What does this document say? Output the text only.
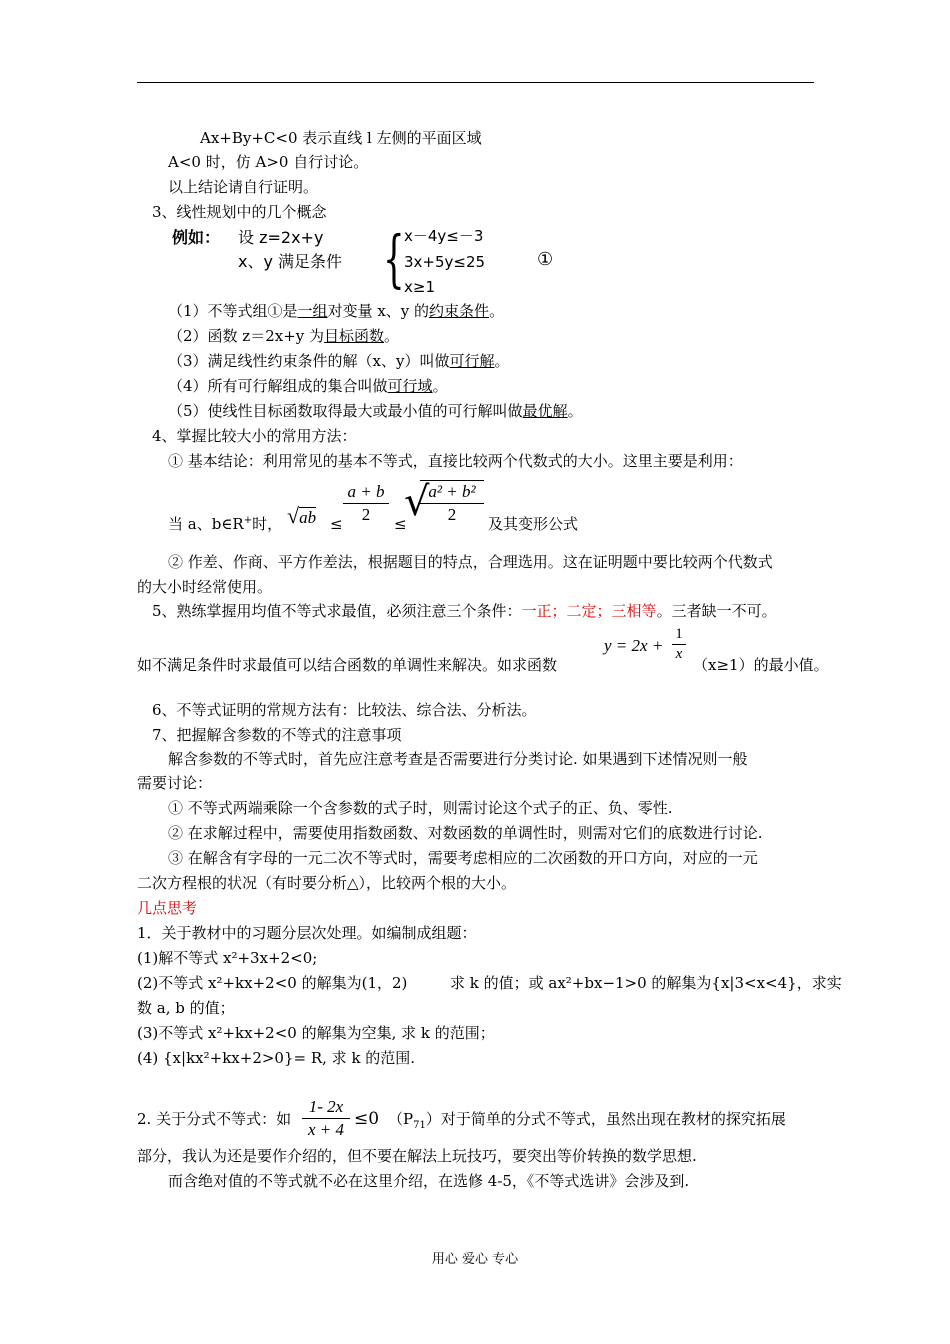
Ax+By+C<0 表示直线 l 左侧的平面区域
A<0 时，仿 A>0 自行讨论。
以上结论请自行证明。
3、线性规划中的几个概念
例如： 设 z=2x+y
x、y 满足条件 { x－4y≤－3
3x+5y≤25
x≥1
①
（1）不等式组①是一组对变量 x、y 的约束条件。
（2）函数 z＝2x+y 为目标函数。
（3）满足线性约束条件的解（x、y）叫做可行解。
（4）所有可行解组成的集合叫做可行域。
（5）使线性目标函数取得最大或最小值的可行解叫做最优解。
4、掌握比较大小的常用方法：
① 基本结论：利用常见的基本不等式，直接比较两个代数式的大小。这里主要是利用：
当 a、b∈R+时， √ab ≤
a + b
2	≤
√
a² + b²
2	及其变形公式
② 作差、作商、平方作差法，根据题目的特点，合理选用。这在证明题中要比较两个代数式
的大小时经常使用。
5、熟练掌握用均值不等式求最值，必须注意三个条件：一正；二定；三相等。三者缺一不可。
y = 2x +
1
x
如不满足条件时求最值可以结合函数的单调性来解决。如求函数	（x≥1）的最小值。
6、不等式证明的常规方法有：比较法、综合法、分析法。
7、把握解含参数的不等式的注意事项
解含参数的不等式时，首先应注意考查是否需要进行分类讨论. 如果遇到下述情况则一般
需要讨论：
① 不等式两端乘除一个含参数的式子时，则需讨论这个式子的正、负、零性.
② 在求解过程中，需要使用指数函数、对数函数的单调性时，则需对它们的底数进行讨论.
③ 在解含有字母的一元二次不等式时，需要考虑相应的二次函数的开口方向，对应的一元
二次方程根的状况（有时要分析△），比较两个根的大小。
几点思考
1．关于教材中的习题分层次处理。如编制成组题：
(1)解不等式 x²+3x+2<0;
(2)不等式 x²+kx+2<0 的解集为(1，2)	求 k 的值；或 ax²+bx−1>0 的解集为{x|3<x<4}，求实
数 a, b 的值；
(3)不等式 x²+kx+2<0 的解集为空集, 求 k 的范围；
(4) {x|kx²+kx+2>0}= R, 求 k 的范围.
2. 关于分式不等式：如
1- 2x
x + 4
≤0 $(P_{71})$对于简单的分式不等式，虽然出现在教材的探究拓展
部分，我认为还是要作介绍的，但不要在解法上玩技巧，要突出等价转换的数学思想.
而含绝对值的不等式就不必在这里介绍，在选修 4-5，《不等式选讲》会涉及到.
用心 爱心 专心
